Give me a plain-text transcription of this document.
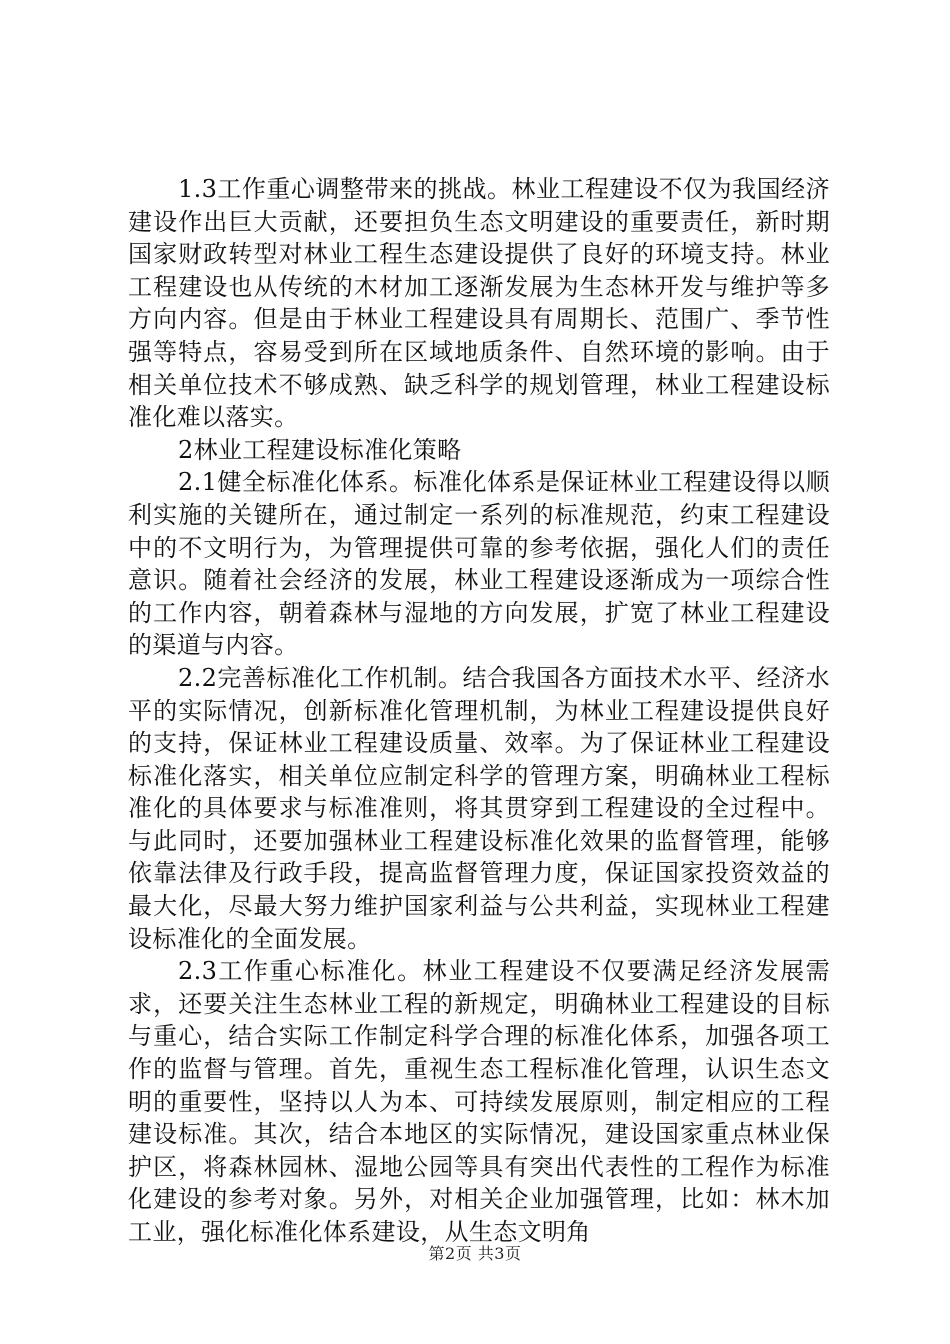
1.3工作重心调整带来的挑战。林业工程建设不仅为我国经济建设作出巨大贡献，还要担负生态文明建设的重要责任，新时期国家财政转型对林业工程生态建设提供了良好的环境支持。林业工程建设也从传统的木材加工逐渐发展为生态林开发与维护等多方向内容。但是由于林业工程建设具有周期长、范围广、季节性强等特点，容易受到所在区域地质条件、自然环境的影响。由于相关单位技术不够成熟、缺乏科学的规划管理，林业工程建设标准化难以落实。

2林业工程建设标准化策略

2.1健全标准化体系。标准化体系是保证林业工程建设得以顺利实施的关键所在，通过制定一系列的标准规范，约束工程建设中的不文明行为，为管理提供可靠的参考依据，强化人们的责任意识。随着社会经济的发展，林业工程建设逐渐成为一项综合性的工作内容，朝着森林与湿地的方向发展，扩宽了林业工程建设的渠道与内容。

2.2完善标准化工作机制。结合我国各方面技术水平、经济水平的实际情况，创新标准化管理机制，为林业工程建设提供良好的支持，保证林业工程建设质量、效率。为了保证林业工程建设标准化落实，相关单位应制定科学的管理方案，明确林业工程标准化的具体要求与标准准则，将其贯穿到工程建设的全过程中。与此同时，还要加强林业工程建设标准化效果的监督管理，能够依靠法律及行政手段，提高监督管理力度，保证国家投资效益的最大化，尽最大努力维护国家利益与公共利益，实现林业工程建设标准化的全面发展。

2.3工作重心标准化。林业工程建设不仅要满足经济发展需求，还要关注生态林业工程的新规定，明确林业工程建设的目标与重心，结合实际工作制定科学合理的标准化体系，加强各项工作的监督与管理。首先，重视生态工程标准化管理，认识生态文明的重要性，坚持以人为本、可持续发展原则，制定相应的工程建设标准。其次，结合本地区的实际情况，建设国家重点林业保护区，将森林园林、湿地公园等具有突出代表性的工程作为标准化建设的参考对象。另外，对相关企业加强管理，比如：林木加工业，强化标准化体系建设，从生态文明角

第2页 共3页
